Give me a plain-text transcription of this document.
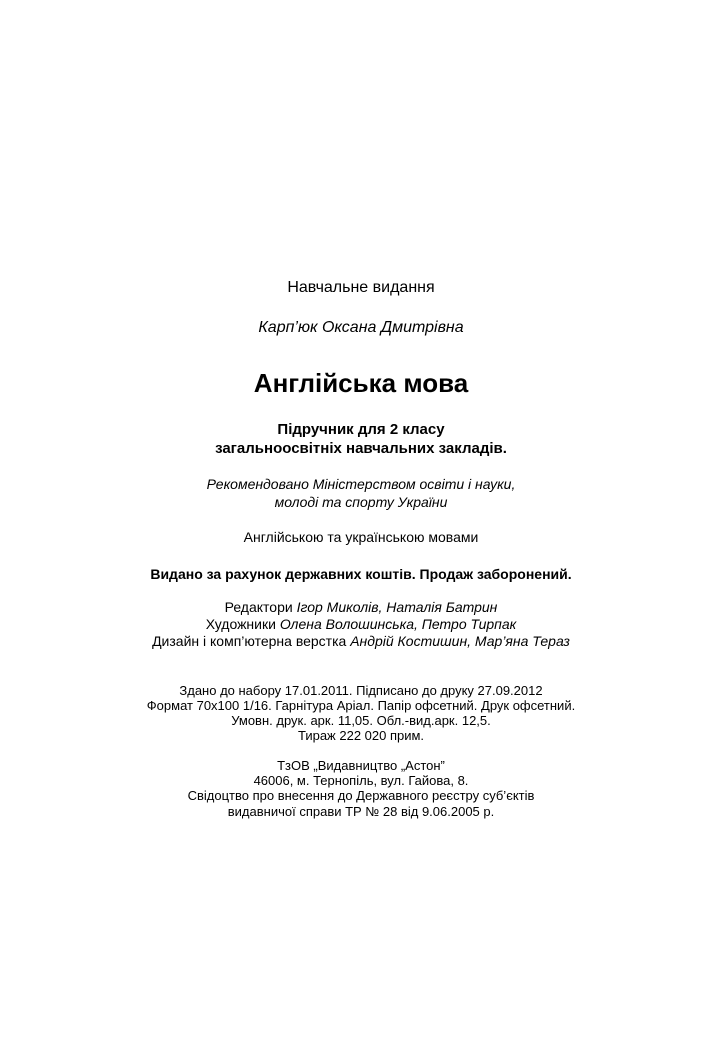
Навчальне видання
Карп’юк Оксана Дмитрівна
Англійська мова
Підручник для 2 класу
загальноосвітніх навчальних закладів.
Рекомендовано Міністерством освіти і науки,
молоді та спорту України
Англійською та українською мовами
Видано за рахунок державних коштів. Продаж заборонений.
Редактори Ігор Миколів, Наталія Батрин
Художники Олена Волошинська, Петро Тирпак
Дизайн і комп’ютерна верстка Андрій Костишин, Мар’яна Тераз
Здано до набору 17.01.2011. Підписано до друку 27.09.2012
Формат 70x100 1/16. Гарнітура Аріал. Папір офсетний. Друк офсетний.
Умовн. друк. арк. 11,05. Обл.-вид.арк. 12,5.
Тираж 222 020 прим.
ТзОВ „Видавництво „Астон”
46006, м. Тернопіль, вул. Гайова, 8.
Свідоцтво про внесення до Державного реєстру суб’єктів
видавничої справи ТР № 28 від 9.06.2005 р.
